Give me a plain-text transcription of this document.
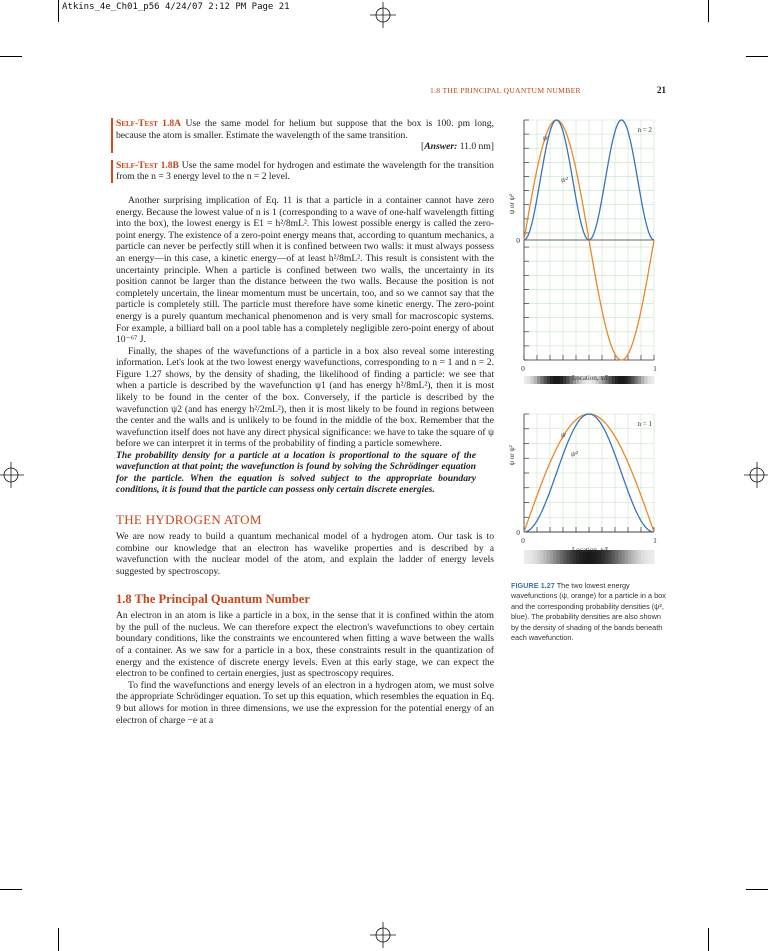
Atkins_4e_Ch01_p56 4/24/07 2:12 PM Page 21
1.8 THE PRINCIPAL QUANTUM NUMBER	21

Self-Test 1.8A Use the same model for helium but suppose that the box is 100. pm long, because the atom is smaller. Estimate the wavelength of the same transition.

[Answer: 11.0 nm]

Self-Test 1.8B Use the same model for hydrogen and estimate the wavelength for the transition from the n = 3 energy level to the n = 2 level.

Another surprising implication of Eq. 11 is that a particle in a container cannot have zero energy. Because the lowest value of n is 1 (corresponding to a wave of one-half wavelength fitting into the box), the lowest energy is E1 = h²/8mL². This lowest possible energy is called the zero-point energy. The existence of a zero-point energy means that, according to quantum mechanics, a particle can never be perfectly still when it is confined between two walls: it must always possess an energy—in this case, a kinetic energy—of at least h²/8mL². This result is consistent with the uncertainty principle. When a particle is confined between two walls, the uncertainty in its position cannot be larger than the distance between the two walls. Because the position is not completely uncertain, the linear momentum must be uncertain, too, and so we cannot say that the particle is completely still. The particle must therefore have some kinetic energy. The zero-point energy is a purely quantum mechanical phenomenon and is very small for macroscopic systems. For example, a billiard ball on a pool table has a completely negligible zero-point energy of about 10⁻⁶⁷ J.

Finally, the shapes of the wavefunctions of a particle in a box also reveal some interesting information. Let's look at the two lowest energy wavefunctions, corresponding to n = 1 and n = 2. Figure 1.27 shows, by the density of shading, the likelihood of finding a particle: we see that when a particle is described by the wavefunction ψ1 (and has energy h²/8mL²), then it is most likely to be found in the center of the box. Conversely, if the particle is described by the wavefunction ψ2 (and has energy h²/2mL²), then it is most likely to be found in regions between the center and the walls and is unlikely to be found in the middle of the box. Remember that the wavefunction itself does not have any direct physical significance: we have to take the square of ψ before we can interpret it in terms of the probability of finding a particle somewhere.

The probability density for a particle at a location is proportional to the square of the wavefunction at that point; the wavefunction is found by solving the Schrödinger equation for the particle. When the equation is solved subject to the appropriate boundary conditions, it is found that the particle can possess only certain discrete energies.

THE HYDROGEN ATOM

We are now ready to build a quantum mechanical model of a hydrogen atom. Our task is to combine our knowledge that an electron has wavelike properties and is described by a wavefunction with the nuclear model of the atom, and explain the ladder of energy levels suggested by spectroscopy.

1.8 The Principal Quantum Number

An electron in an atom is like a particle in a box, in the sense that it is confined within the atom by the pull of the nucleus. We can therefore expect the electron's wavefunctions to obey certain boundary conditions, like the constraints we encountered when fitting a wave between the walls of a container. As we saw for a particle in a box, these constraints result in the quantization of energy and the existence of discrete energy levels. Even at this early stage, we can expect the electron to be confined to certain energies, just as spectroscopy requires.

To find the wavefunctions and energy levels of an electron in a hydrogen atom, we must solve the appropriate Schrödinger equation. To set up this equation, which resembles the equation in Eq. 9 but allows for motion in three dimensions, we use the expression for the potential energy of an electron of charge −e at a

0	1
0
Location, x/L
ψ or ψ²
n = 2
ψ
ψ²
0	1
0
Location, x/L
ψ or ψ²
n = 1
ψ
ψ²
FIGURE 1.27 The two lowest energy wavefunctions (ψ, orange) for a particle in a box and the corresponding probability densities (ψ², blue). The probability densities are also shown by the density of shading of the bands beneath each wavefunction.
